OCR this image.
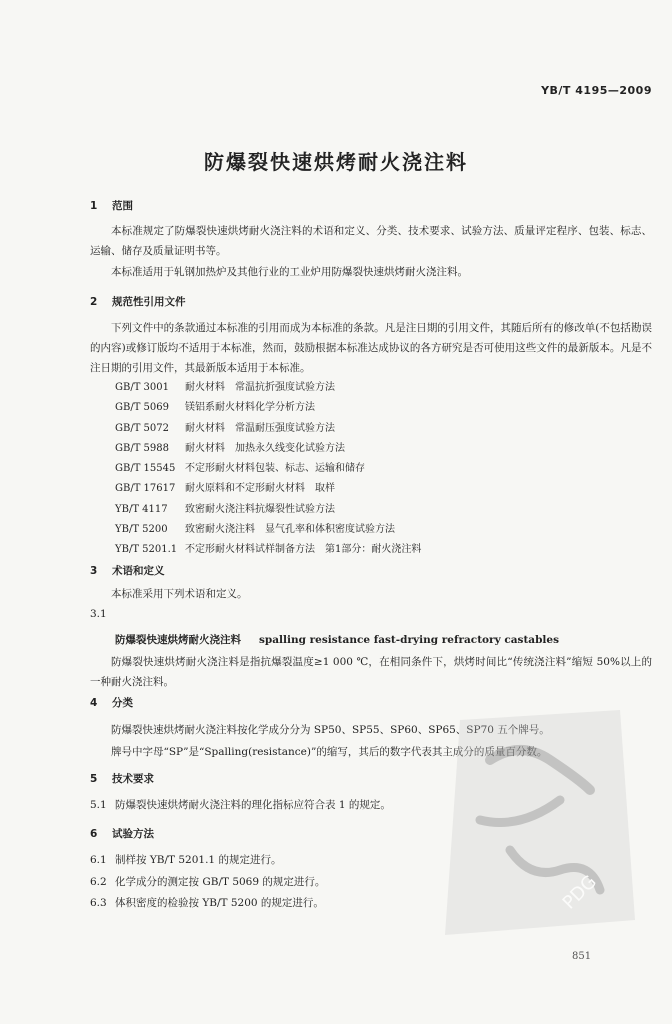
YB/T 4195—2009
防爆裂快速烘烤耐火浇注料
1 范围
本标准规定了防爆裂快速烘烤耐火浇注料的术语和定义、分类、技术要求、试验方法、质量评定程序、包装、标志、运输、储存及质量证明书等。
本标准适用于轧钢加热炉及其他行业的工业炉用防爆裂快速烘烤耐火浇注料。
2 规范性引用文件
下列文件中的条款通过本标准的引用而成为本标准的条款。凡是注日期的引用文件，其随后所有的修改单(不包括勘误的内容)或修订版均不适用于本标准，然而，鼓励根据本标准达成协议的各方研究是否可使用这些文件的最新版本。凡是不注日期的引用文件，其最新版本适用于本标准。
GB/T 3001 耐火材料　常温抗折强度试验方法
GB/T 5069 镁铝系耐火材料化学分析方法
GB/T 5072 耐火材料　常温耐压强度试验方法
GB/T 5988 耐火材料　加热永久线变化试验方法
GB/T 15545 不定形耐火材料包装、标志、运输和储存
GB/T 17617 耐火原料和不定形耐火材料　取样
YB/T 4117 致密耐火浇注料抗爆裂性试验方法
YB/T 5200 致密耐火浇注料　显气孔率和体积密度试验方法
YB/T 5201.1 不定形耐火材料试样制备方法　第1部分：耐火浇注料
3 术语和定义
本标准采用下列术语和定义。
3.1
防爆裂快速烘烤耐火浇注料 spalling resistance fast-drying refractory castables
防爆裂快速烘烤耐火浇注料是指抗爆裂温度≥1 000 ℃，在相同条件下，烘烤时间比“传统浇注料”缩短 50%以上的一种耐火浇注料。
4 分类
防爆裂快速烘烤耐火浇注料按化学成分分为 SP50、SP55、SP60、SP65、SP70 五个牌号。
牌号中字母“SP”是“Spalling(resistance)”的缩写，其后的数字代表其主成分的质量百分数。
5 技术要求
5.1 防爆裂快速烘烤耐火浇注料的理化指标应符合表 1 的规定。
6 试验方法
6.1 制样按 YB/T 5201.1 的规定进行。
6.2 化学成分的测定按 GB/T 5069 的规定进行。
6.3 体积密度的检验按 YB/T 5200 的规定进行。	PDG
851
